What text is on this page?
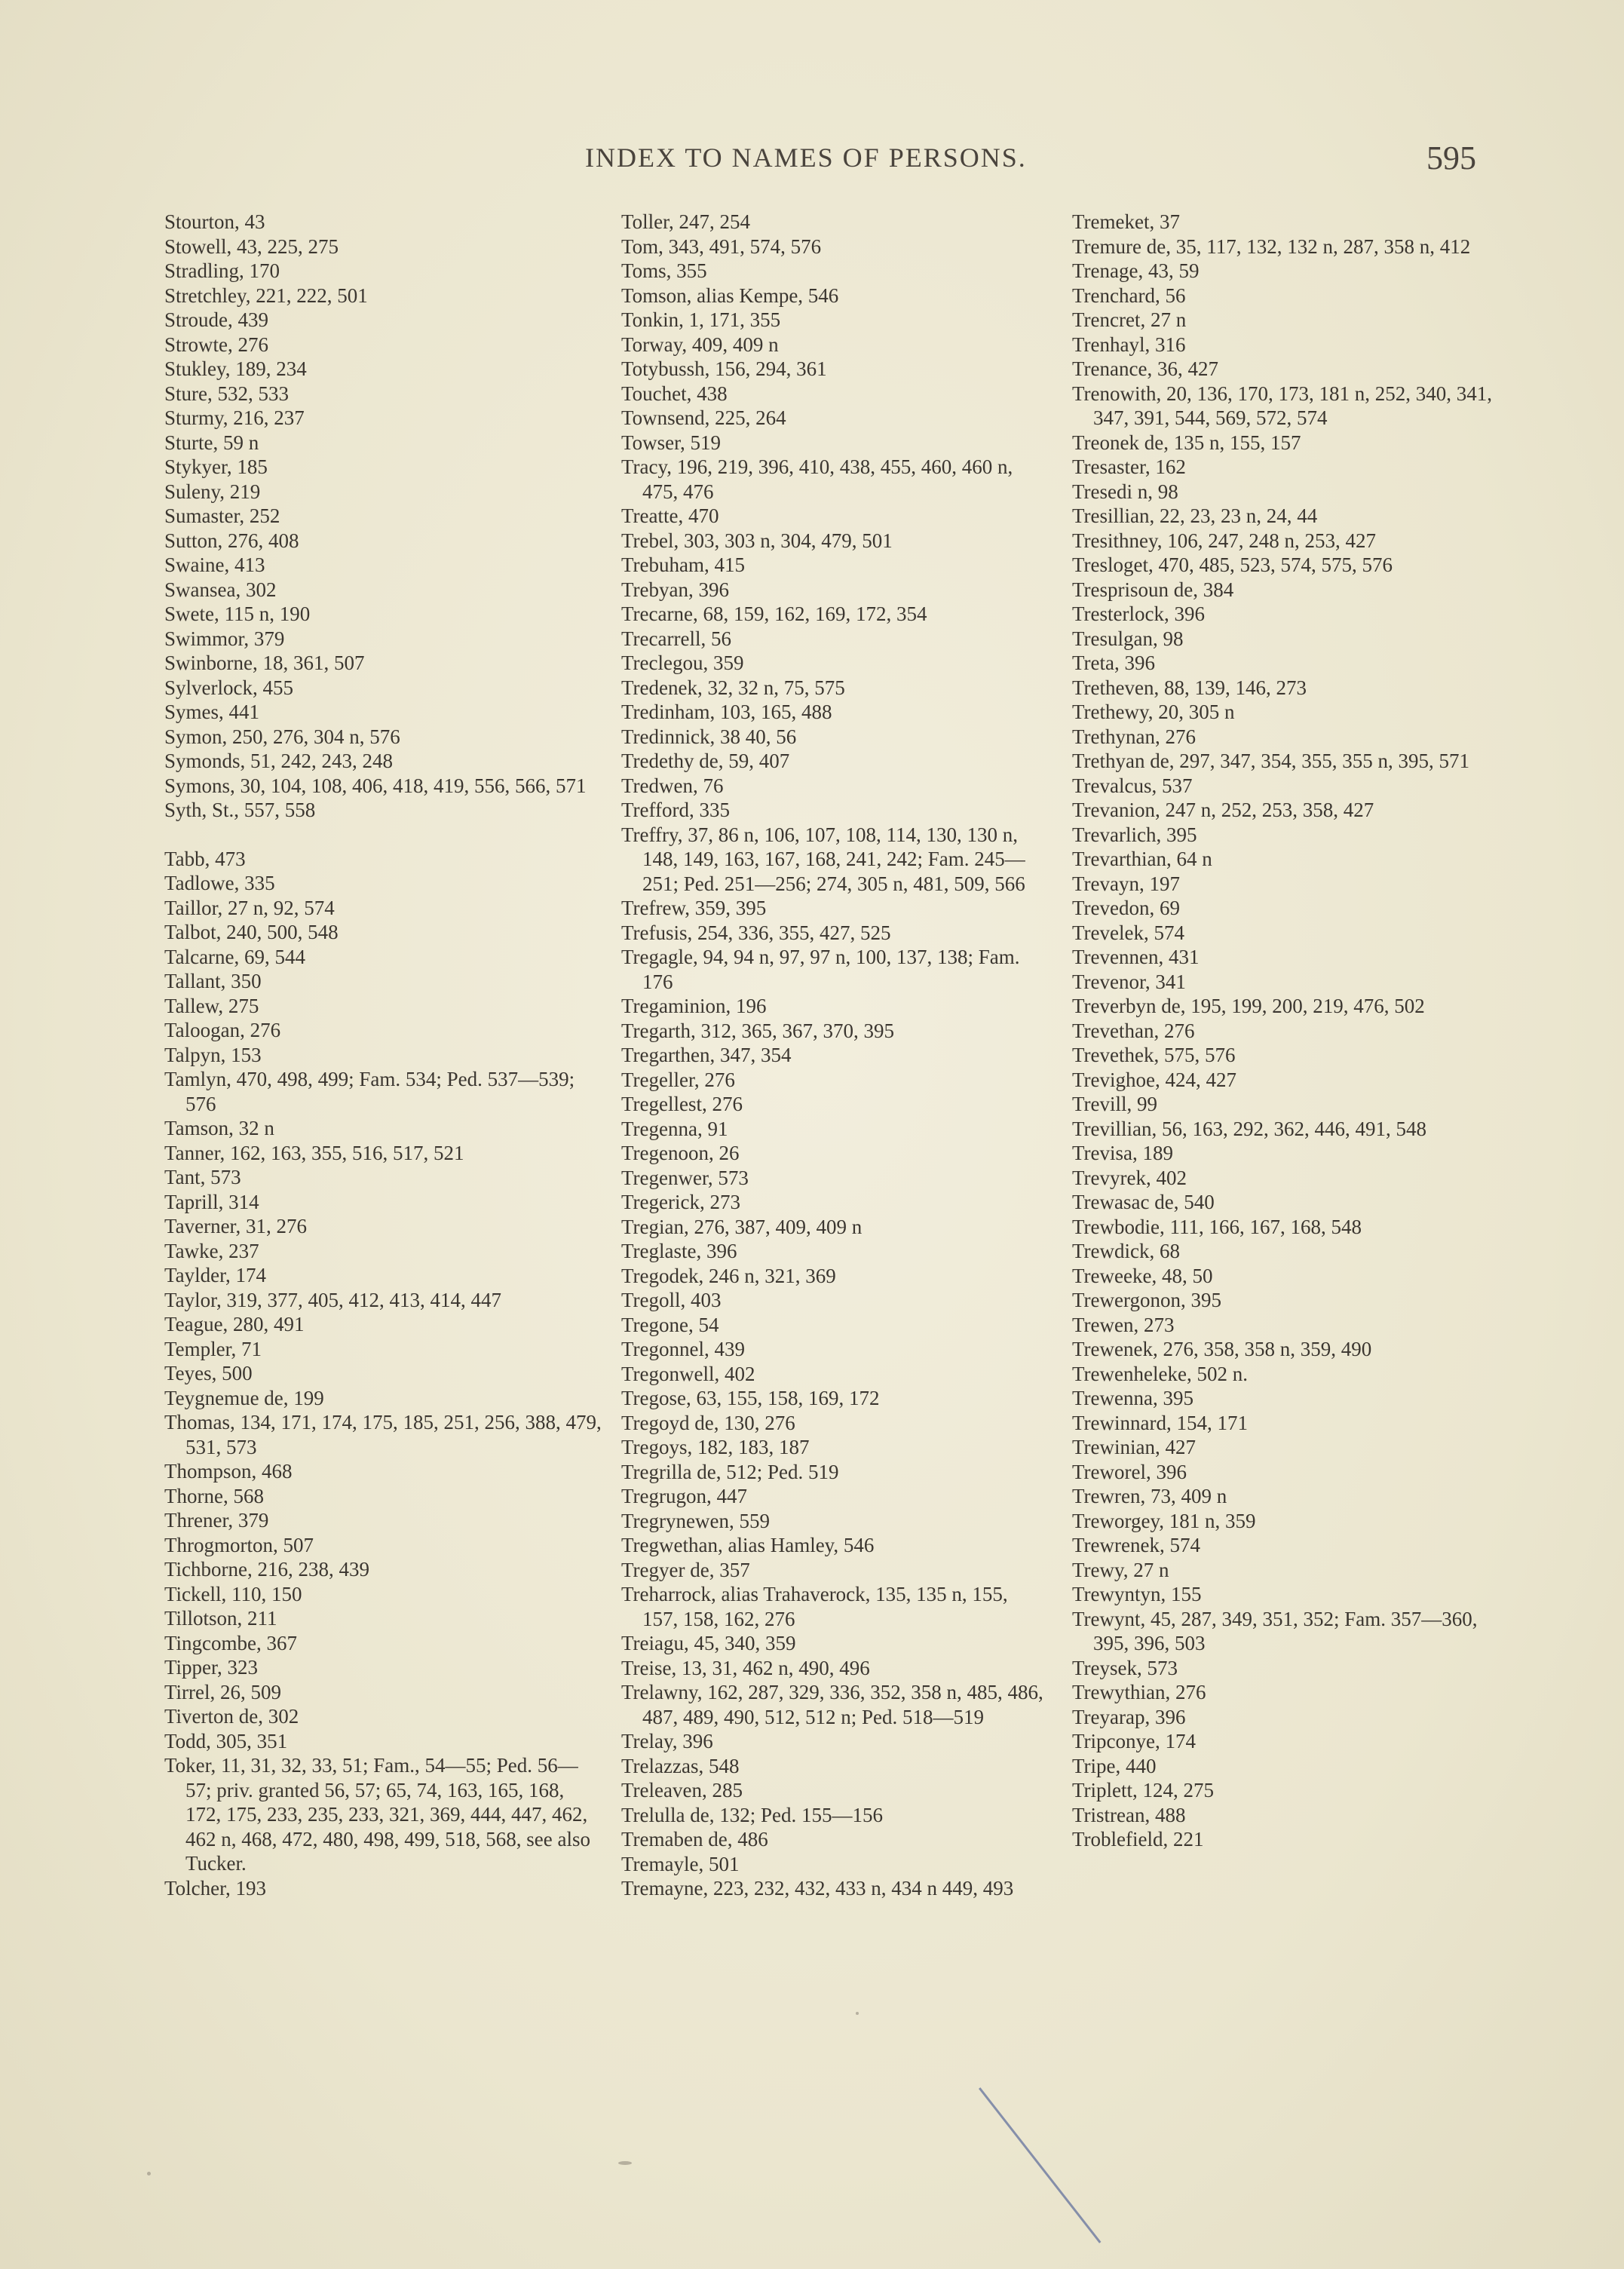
INDEX TO NAMES OF PERSONS.	595

Stourton, 43

Stowell, 43, 225, 275

Stradling, 170

Stretchley, 221, 222, 501

Stroude, 439

Strowte, 276

Stukley, 189, 234

Sture, 532, 533

Sturmy, 216, 237

Sturte, 59 n

Stykyer, 185

Suleny, 219

Sumaster, 252

Sutton, 276, 408

Swaine, 413

Swansea, 302

Swete, 115 n, 190

Swimmor, 379

Swinborne, 18, 361, 507

Sylverlock, 455

Symes, 441

Symon, 250, 276, 304 n, 576

Symonds, 51, 242, 243, 248

Symons, 30, 104, 108, 406, 418, 419, 556, 566, 571

Syth, St., 557, 558

Tabb, 473

Tadlowe, 335

Taillor, 27 n, 92, 574

Talbot, 240, 500, 548

Talcarne, 69, 544

Tallant, 350

Tallew, 275

Taloogan, 276

Talpyn, 153

Tamlyn, 470, 498, 499; Fam. 534; Ped. 537—539; 576

Tamson, 32 n

Tanner, 162, 163, 355, 516, 517, 521

Tant, 573

Taprill, 314

Taverner, 31, 276

Tawke, 237

Taylder, 174

Taylor, 319, 377, 405, 412, 413, 414, 447

Teague, 280, 491

Templer, 71

Teyes, 500

Teygnemue de, 199

Thomas, 134, 171, 174, 175, 185, 251, 256, 388, 479, 531, 573

Thompson, 468

Thorne, 568

Threner, 379

Throgmorton, 507

Tichborne, 216, 238, 439

Tickell, 110, 150

Tillotson, 211

Tingcombe, 367

Tipper, 323

Tirrel, 26, 509

Tiverton de, 302

Todd, 305, 351

Toker, 11, 31, 32, 33, 51; Fam., 54—55; Ped. 56—57; priv. granted 56, 57; 65, 74, 163, 165, 168, 172, 175, 233, 235, 233, 321, 369, 444, 447, 462, 462 n, 468, 472, 480, 498, 499, 518, 568, see also Tucker.

Tolcher, 193

Toller, 247, 254

Tom, 343, 491, 574, 576

Toms, 355

Tomson, alias Kempe, 546

Tonkin, 1, 171, 355

Torway, 409, 409 n

Totybussh, 156, 294, 361

Touchet, 438

Townsend, 225, 264

Towser, 519

Tracy, 196, 219, 396, 410, 438, 455, 460, 460 n, 475, 476

Treatte, 470

Trebel, 303, 303 n, 304, 479, 501

Trebuham, 415

Trebyan, 396

Trecarne, 68, 159, 162, 169, 172, 354

Trecarrell, 56

Treclegou, 359

Tredenek, 32, 32 n, 75, 575

Tredinham, 103, 165, 488

Tredinnick, 38 40, 56

Tredethy de, 59, 407

Tredwen, 76

Trefford, 335

Treffry, 37, 86 n, 106, 107, 108, 114, 130, 130 n, 148, 149, 163, 167, 168, 241, 242; Fam. 245—251; Ped. 251—256; 274, 305 n, 481, 509, 566

Trefrew, 359, 395

Trefusis, 254, 336, 355, 427, 525

Tregagle, 94, 94 n, 97, 97 n, 100, 137, 138; Fam. 176

Tregaminion, 196

Tregarth, 312, 365, 367, 370, 395

Tregarthen, 347, 354

Tregeller, 276

Tregellest, 276

Tregenna, 91

Tregenoon, 26

Tregenwer, 573

Tregerick, 273

Tregian, 276, 387, 409, 409 n

Treglaste, 396

Tregodek, 246 n, 321, 369

Tregoll, 403

Tregone, 54

Tregonnel, 439

Tregonwell, 402

Tregose, 63, 155, 158, 169, 172

Tregoyd de, 130, 276

Tregoys, 182, 183, 187

Tregrilla de, 512; Ped. 519

Tregrugon, 447

Tregrynewen, 559

Tregwethan, alias Hamley, 546

Tregyer de, 357

Treharrock, alias Trahaverock, 135, 135 n, 155, 157, 158, 162, 276

Treiagu, 45, 340, 359

Treise, 13, 31, 462 n, 490, 496

Trelawny, 162, 287, 329, 336, 352, 358 n, 485, 486, 487, 489, 490, 512, 512 n; Ped. 518—519

Trelay, 396

Trelazzas, 548

Treleaven, 285

Trelulla de, 132; Ped. 155—156

Tremaben de, 486

Tremayle, 501

Tremayne, 223, 232, 432, 433 n, 434 n 449, 493

Tremeket, 37

Tremure de, 35, 117, 132, 132 n, 287, 358 n, 412

Trenage, 43, 59

Trenchard, 56

Trencret, 27 n

Trenhayl, 316

Trenance, 36, 427

Trenowith, 20, 136, 170, 173, 181 n, 252, 340, 341, 347, 391, 544, 569, 572, 574

Treonek de, 135 n, 155, 157

Tresaster, 162

Tresedi n, 98

Tresillian, 22, 23, 23 n, 24, 44

Tresithney, 106, 247, 248 n, 253, 427

Tresloget, 470, 485, 523, 574, 575, 576

Tresprisoun de, 384

Tresterlock, 396

Tresulgan, 98

Treta, 396

Tretheven, 88, 139, 146, 273

Trethewy, 20, 305 n

Trethynan, 276

Trethyan de, 297, 347, 354, 355, 355 n, 395, 571

Trevalcus, 537

Trevanion, 247 n, 252, 253, 358, 427

Trevarlich, 395

Trevarthian, 64 n

Trevayn, 197

Trevedon, 69

Trevelek, 574

Trevennen, 431

Trevenor, 341

Treverbyn de, 195, 199, 200, 219, 476, 502

Trevethan, 276

Trevethek, 575, 576

Trevighoe, 424, 427

Trevill, 99

Trevillian, 56, 163, 292, 362, 446, 491, 548

Trevisa, 189

Trevyrek, 402

Trewasac de, 540

Trewbodie, 111, 166, 167, 168, 548

Trewdick, 68

Treweeke, 48, 50

Trewergonon, 395

Trewen, 273

Trewenek, 276, 358, 358 n, 359, 490

Trewenheleke, 502 n.

Trewenna, 395

Trewinnard, 154, 171

Trewinian, 427

Treworel, 396

Trewren, 73, 409 n

Treworgey, 181 n, 359

Trewrenek, 574

Trewy, 27 n

Trewyntyn, 155

Trewynt, 45, 287, 349, 351, 352; Fam. 357—360, 395, 396, 503

Treysek, 573

Trewythian, 276

Treyarap, 396

Tripconye, 174

Tripe, 440

Triplett, 124, 275

Tristrean, 488

Troblefield, 221
